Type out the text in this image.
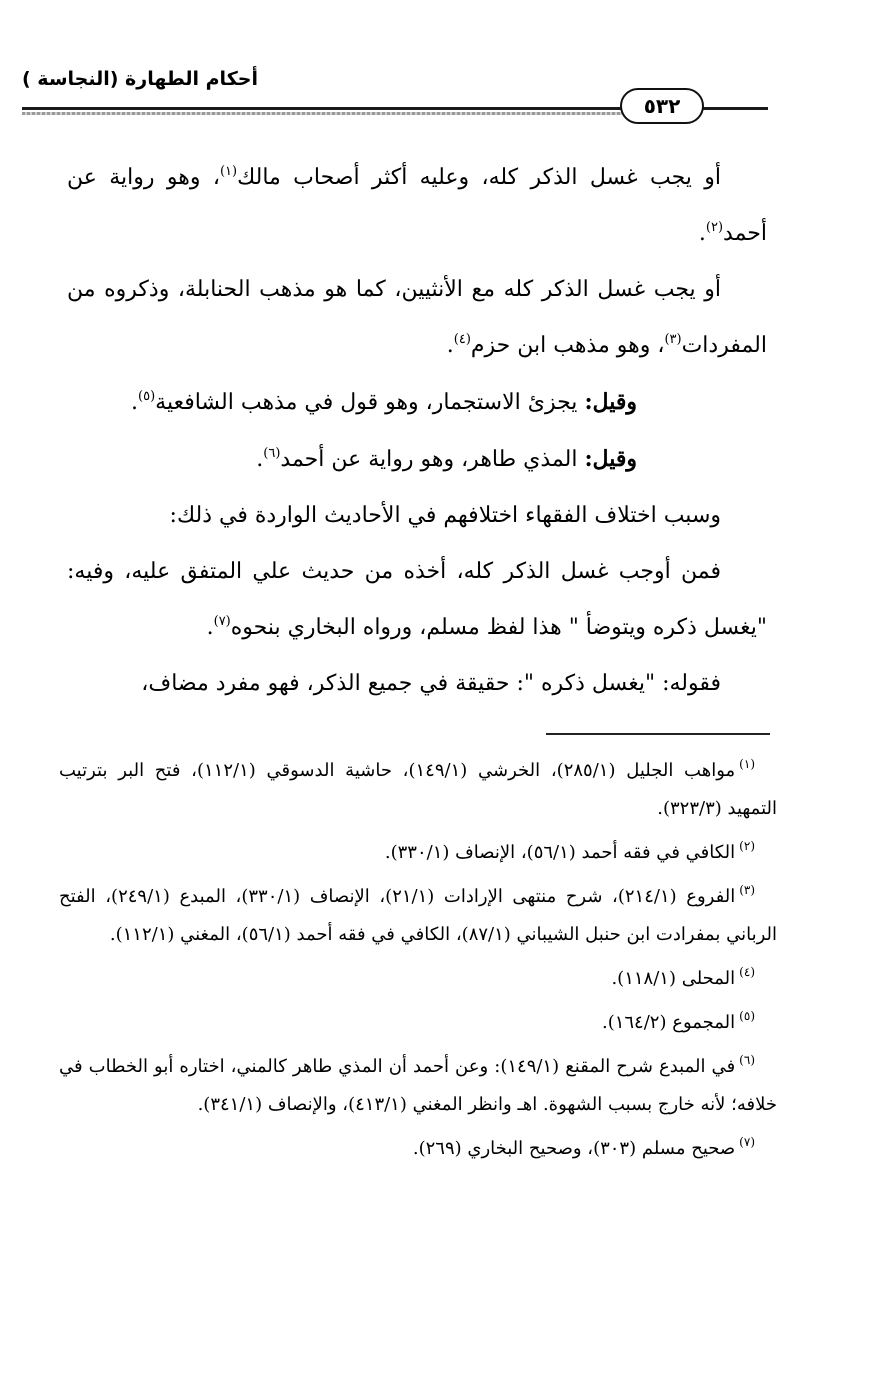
أحكام الطهارة (النجاسة )
٥٣٢

أو يجب غسل الذكر كله، وعليه أكثر أصحاب مالك$^{(١)}$، وهو رواية عن أحمد$^{(٢)}$.

أو يجب غسل الذكر كله مع الأنثيين، كما هو مذهب الحنابلة، وذكروه من المفردات$^{(٣)}$، وهو مذهب ابن حزم$^{(٤)}$.

وقيل: يجزئ الاستجمار، وهو قول في مذهب الشافعية$^{(٥)}$.

وقيل: المذي طاهر، وهو رواية عن أحمد$^{(٦)}$.

وسبب اختلاف الفقهاء اختلافهم في الأحاديث الواردة في ذلك:

فمن أوجب غسل الذكر كله، أخذه من حديث علي المتفق عليه، وفيه: "يغسل ذكره ويتوضأ " هذا لفظ مسلم، ورواه البخاري بنحوه$^{(٧)}$.

فقوله: "يغسل ذكره ": حقيقة في جميع الذكر، فهو مفرد مضاف،

$^{(١)}$مواهب الجليل (٢٨٥/١)، الخرشي (١٤٩/١)، حاشية الدسوقي (١١٢/١)، فتح البر بترتيب التمهيد (٣٢٣/٣).

$^{(٢)}$الكافي في فقه أحمد (٥٦/١)، الإنصاف (٣٣٠/١).

$^{(٣)}$الفروع (٢١٤/١)، شرح منتهى الإرادات (٢١/١)، الإنصاف (٣٣٠/١)، المبدع (٢٤٩/١)، الفتح الرباني بمفرادت ابن حنبل الشيباني (٨٧/١)، الكافي في فقه أحمد (٥٦/١)، المغني (١١٢/١).

$^{(٤)}$المحلى (١١٨/١).

$^{(٥)}$المجموع (١٦٤/٢).

$^{(٦)}$في المبدع شرح المقنع (١٤٩/١): وعن أحمد أن المذي طاهر كالمني، اختاره أبو الخطاب في خلافه؛ لأنه خارج بسبب الشهوة. اهـ وانظر المغني (٤١٣/١)، والإنصاف (٣٤١/١).

$^{(٧)}$صحيح مسلم (٣٠٣)، وصحيح البخاري (٢٦٩).
